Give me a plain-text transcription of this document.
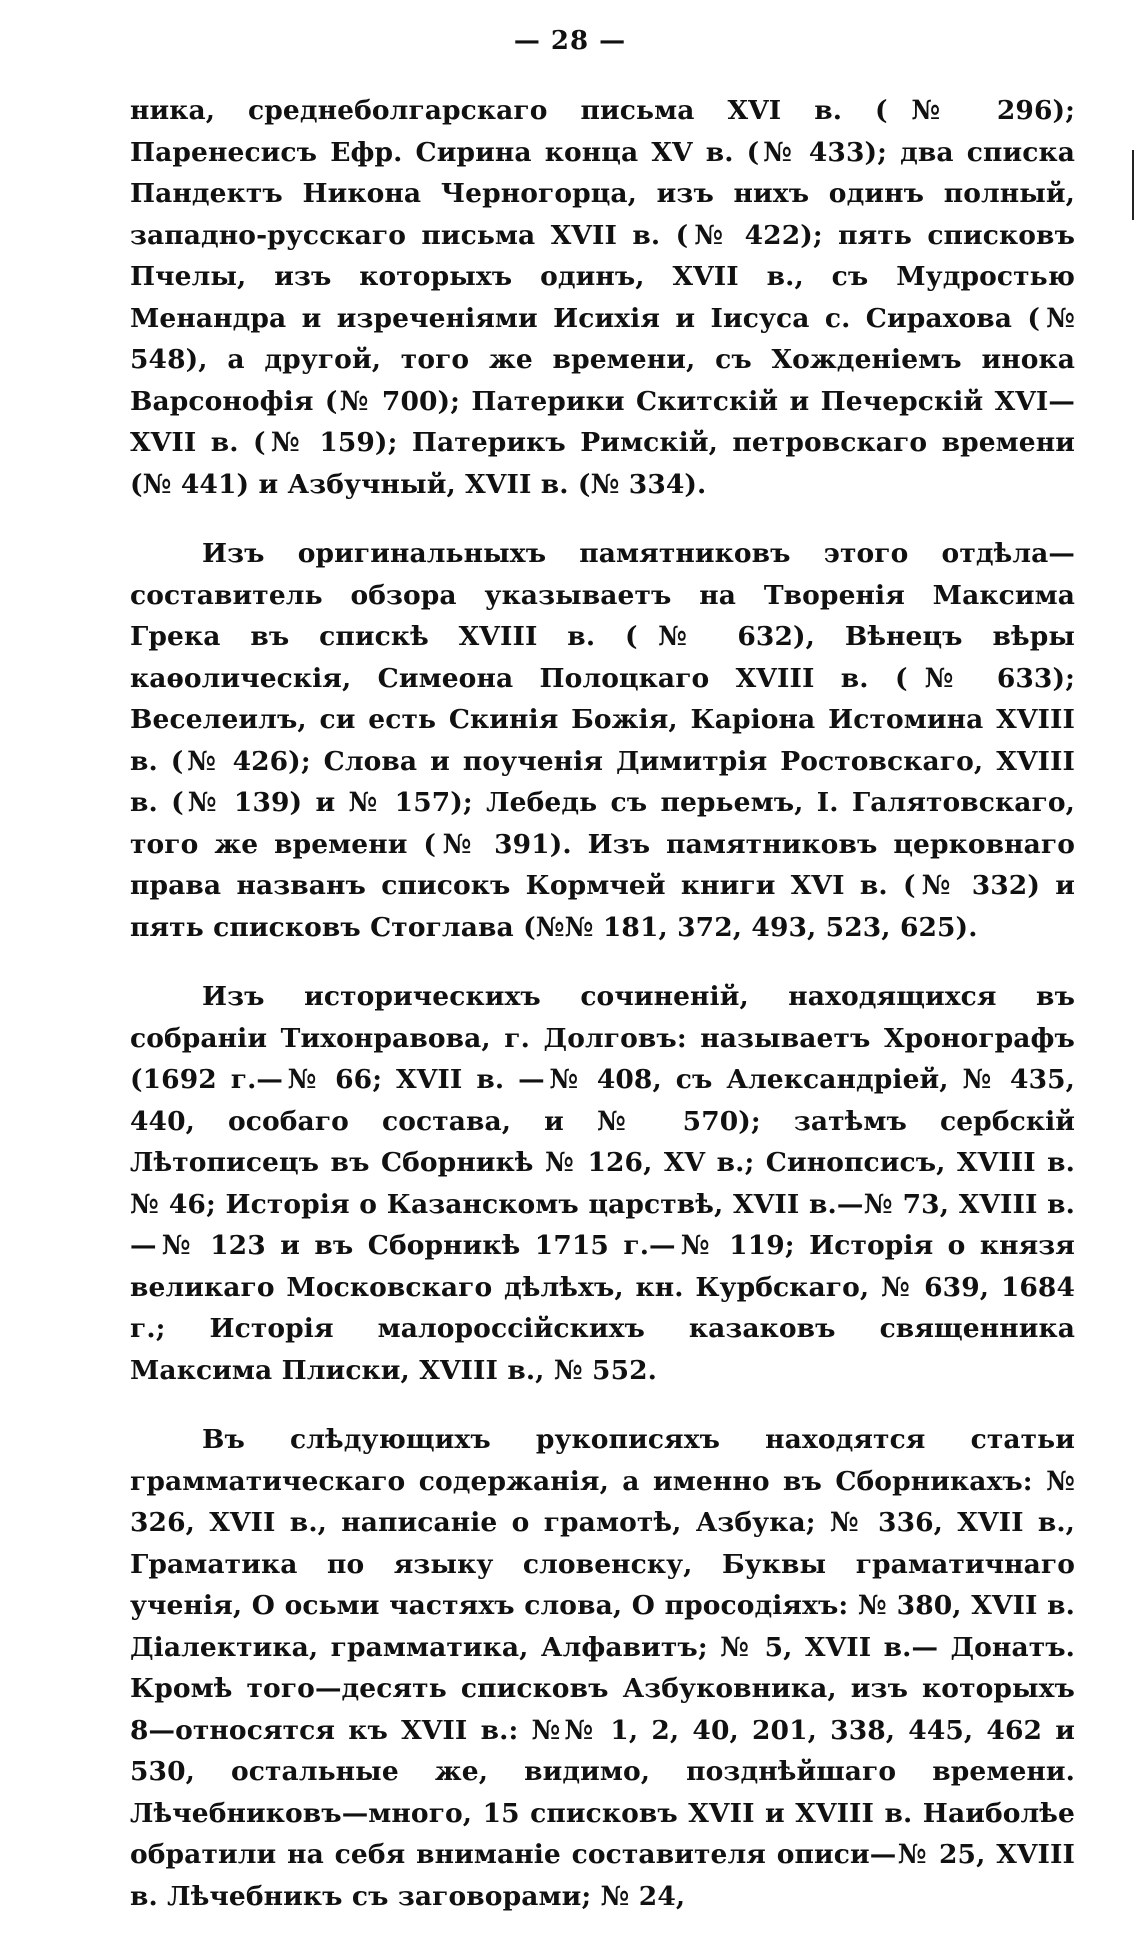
— 28 —

ника, среднеболгарскаго письма XVI в. (№ 296); Паренесисъ Ефр. Сирина конца XV в. (№ 433); два списка Пандектъ Никона Черногорца, изъ нихъ одинъ полный, западно-русскаго письма XVII в. (№ 422); пять списковъ Пчелы, изъ которыхъ одинъ, XVII в., съ Мудростью Менандра и изреченіями Исихія и Іисуса с. Сирахова (№ 548), а другой, того же времени, съ Хожденіемъ инока Варсонофія (№ 700); Патерики Скитскій и Печерскій XVI—XVII в. (№ 159); Патерикъ Римскій, петровскаго времени (№ 441) и Азбучный, XVII в. (№ 334).

Изъ оригинальныхъ памятниковъ этого отдѣла—составитель обзора указываетъ на Творенія Максима Грека въ спискѣ XVIII в. (№ 632), Вѣнецъ вѣры каѳолическія, Симеона Полоцкаго XVIII в. (№ 633); Веселеилъ, си есть Скинія Божія, Каріона Истомина XVIII в. (№ 426); Слова и поученія Димитрія Ростовскаго, XVIII в. (№ 139) и № 157); Лебедь съ перьемъ, І. Галятовскаго, того же времени (№ 391). Изъ памятниковъ церковнаго права названъ списокъ Кормчей книги XVI в. (№ 332) и пять списковъ Стоглава (№№ 181, 372, 493, 523, 625).

Изъ историческихъ сочиненій, находящихся въ собраніи Тихонравова, г. Долговъ: называетъ Хронографъ (1692 г.—№ 66; XVII в. —№ 408, съ Александріей, № 435, 440, особаго состава, и № 570); затѣмъ сербскій Лѣтописецъ въ Сборникѣ № 126, XV в.; Синопсисъ, XVIII в. № 46; Исторія о Казанскомъ царствѣ, XVII в.—№ 73, XVIII в.—№ 123 и въ Сборникѣ 1715 г.—№ 119; Исторія о князя великаго Московскаго дѣлѣхъ, кн. Курбскаго, № 639, 1684 г.; Исторія малороссійскихъ казаковъ священника Максима Плиски, XVIII в., № 552.

Въ слѣдующихъ рукописяхъ находятся статьи грамматическаго содержанія, а именно въ Сборникахъ: № 326, XVII в., написаніе о грамотѣ, Азбука; № 336, XVII в., Граматика по языку словенску, Буквы граматичнаго ученія, О осьми частяхъ слова, О просодіяхъ: № 380, XVII в. Діалектика, грамматика, Алфавитъ; № 5, XVII в.— Донатъ. Кромѣ того—десять списковъ Азбуковника, изъ которыхъ 8—относятся къ XVII в.: №№ 1, 2, 40, 201, 338, 445, 462 и 530, остальные же, видимо, позднѣйшаго времени. Лѣчебниковъ—много, 15 списковъ XVII и XVIII в. Наиболѣе обратили на себя вниманіе составителя описи—№ 25, XVIII в. Лѣчебникъ съ заговорами; № 24,
